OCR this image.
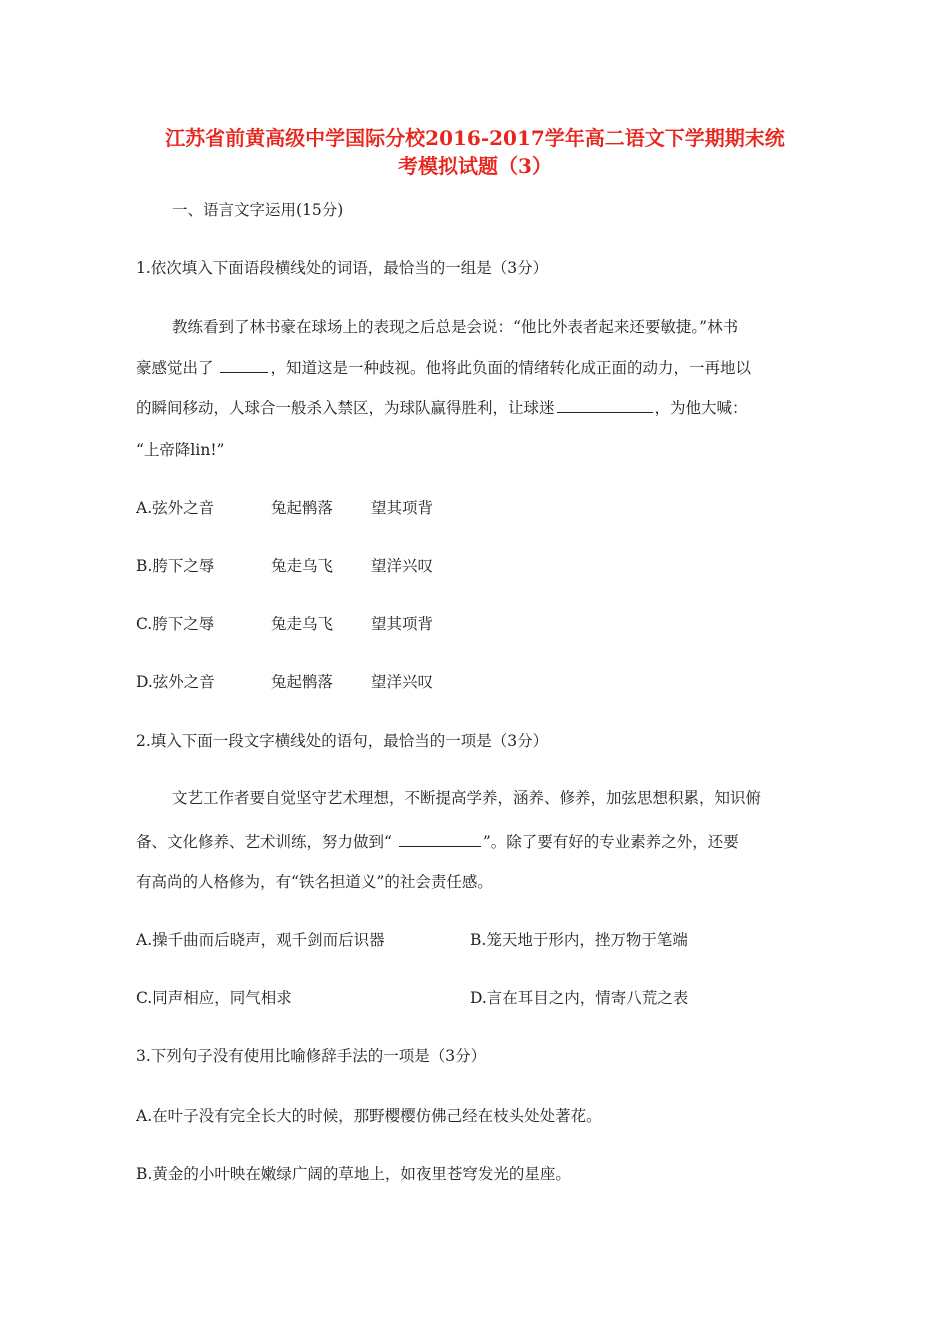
江苏省前黄高级中学国际分校2016-2017学年高二语文下学期期末统
考模拟试题（3）
一、语言文字运用(15分)
1.依次填入下面语段横线处的词语，最恰当的一组是（3分）
教练看到了林书豪在球场上的表现之后总是会说：“他比外表者起来还要敏捷。”林书
豪感觉出了	，知道这是一种歧视。他将此负面的情绪转化成正面的动力，一再地以
的瞬间移动，人球合一般杀入禁区，为球队赢得胜利，让球迷	，为他大喊：
“上帝降lin!”
A.弦外之音	兔起鹘落 望其项背
B.胯下之辱	兔走乌飞 望洋兴叹
C.胯下之辱	兔走乌飞 望其项背
D.弦外之音	兔起鹘落 望洋兴叹
2.填入下面一段文字横线处的语句，最恰当的一项是（3分）
文艺工作者要自觉坚守艺术理想，不断提高学养，涵养、修养，加弦思想积累，知识俯
备、文化修养、艺术训练，努力做到“	”。除了要有好的专业素养之外，还要
有高尚的人格修为，有“铁名担道义”的社会责任感。
A.操千曲而后晓声，观千剑而后识器	B.笼天地于形内，挫万物于笔端
C.同声相应，同气相求	D.言在耳目之内，情寄八荒之表
3.下列句子没有使用比喻修辞手法的一项是（3分）
A.在叶子没有完全长大的时候，那野樱樱仿佛己经在枝头处处著花。
B.黄金的小叶映在嫩绿广阔的草地上，如夜里苍穹发光的星座。
